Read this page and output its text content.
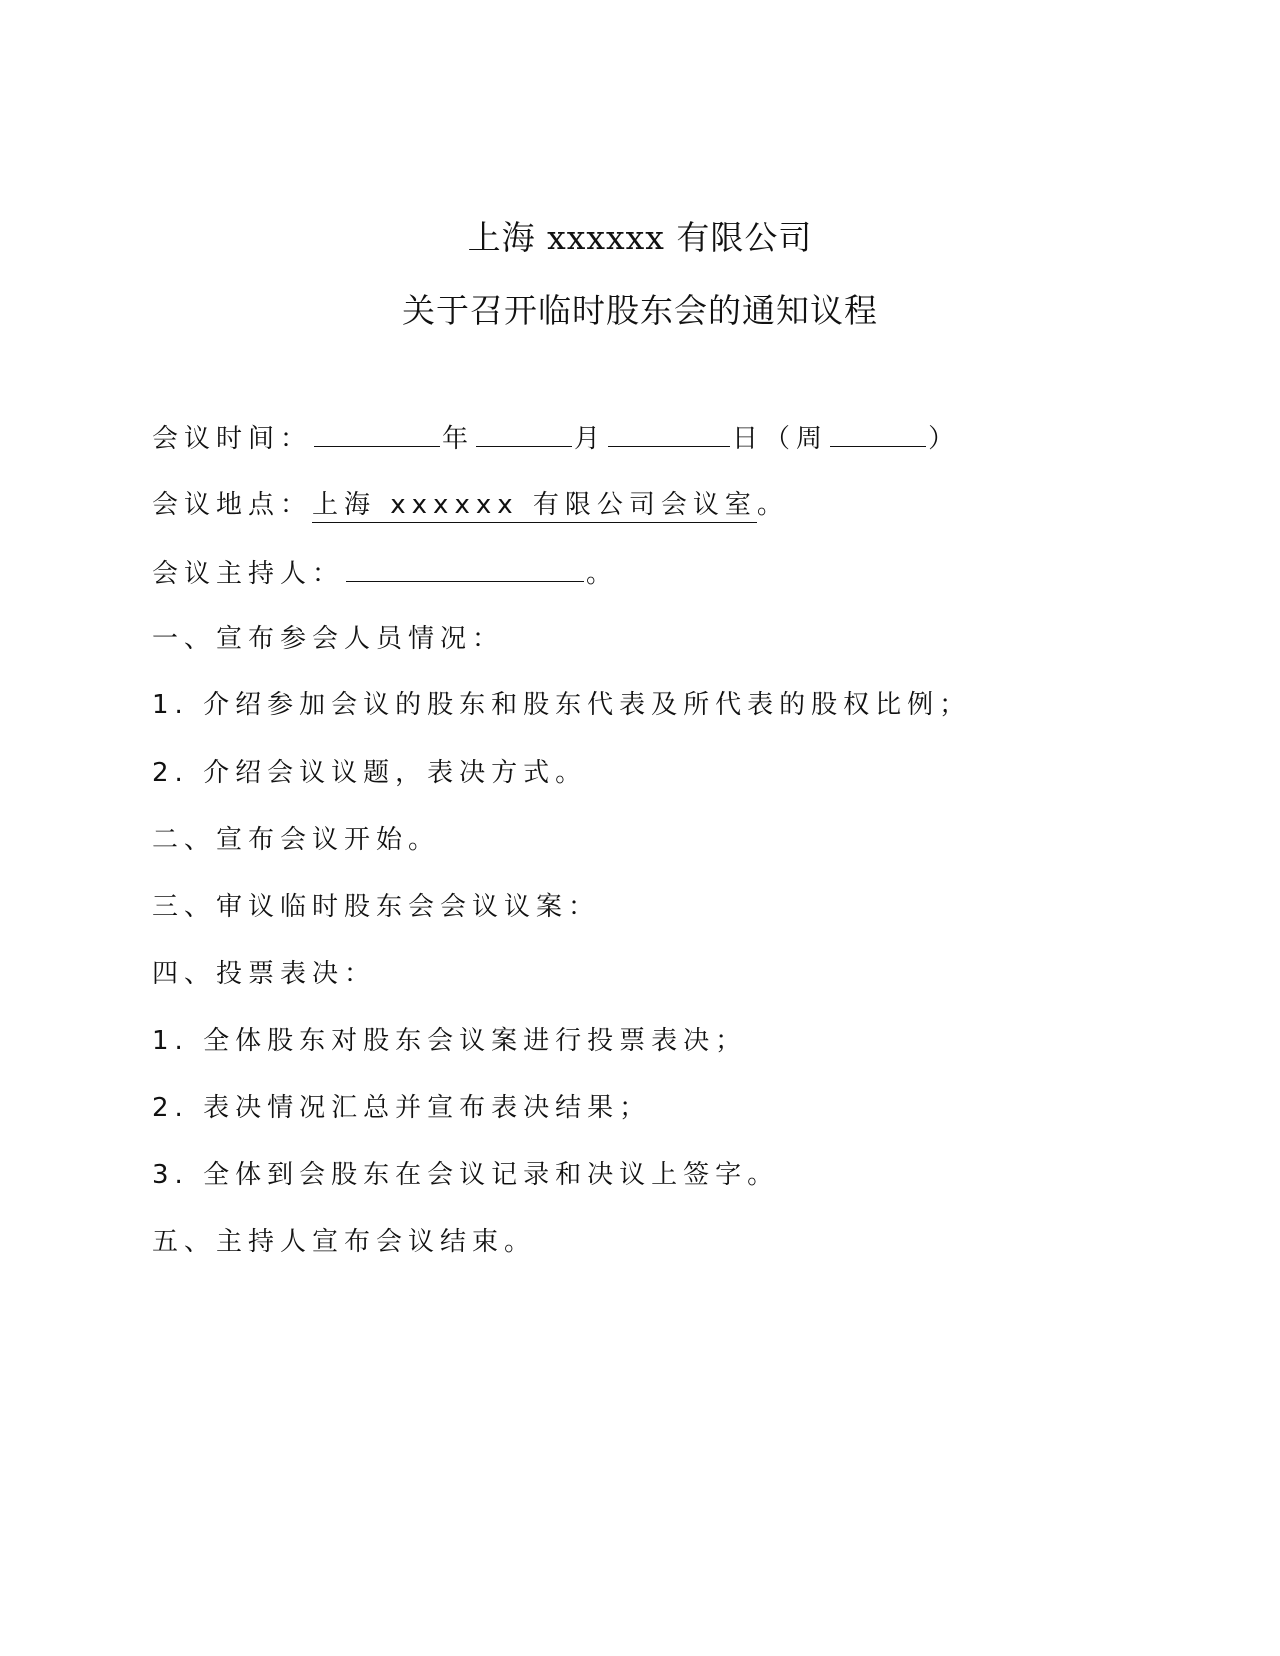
上海 xxxxxx 有限公司
关于召开临时股东会的通知议程
会议时间：	年	月	日（周	）
会议地点：上海 xxxxxx 有限公司会议室。
会议主持人：	。
一、宣布参会人员情况：
1. 介绍参加会议的股东和股东代表及所代表的股权比例；
2. 介绍会议议题，表决方式。
二、宣布会议开始。
三、审议临时股东会会议议案：
四、投票表决：
1. 全体股东对股东会议案进行投票表决；
2. 表决情况汇总并宣布表决结果；
3. 全体到会股东在会议记录和决议上签字。
五、主持人宣布会议结束。
